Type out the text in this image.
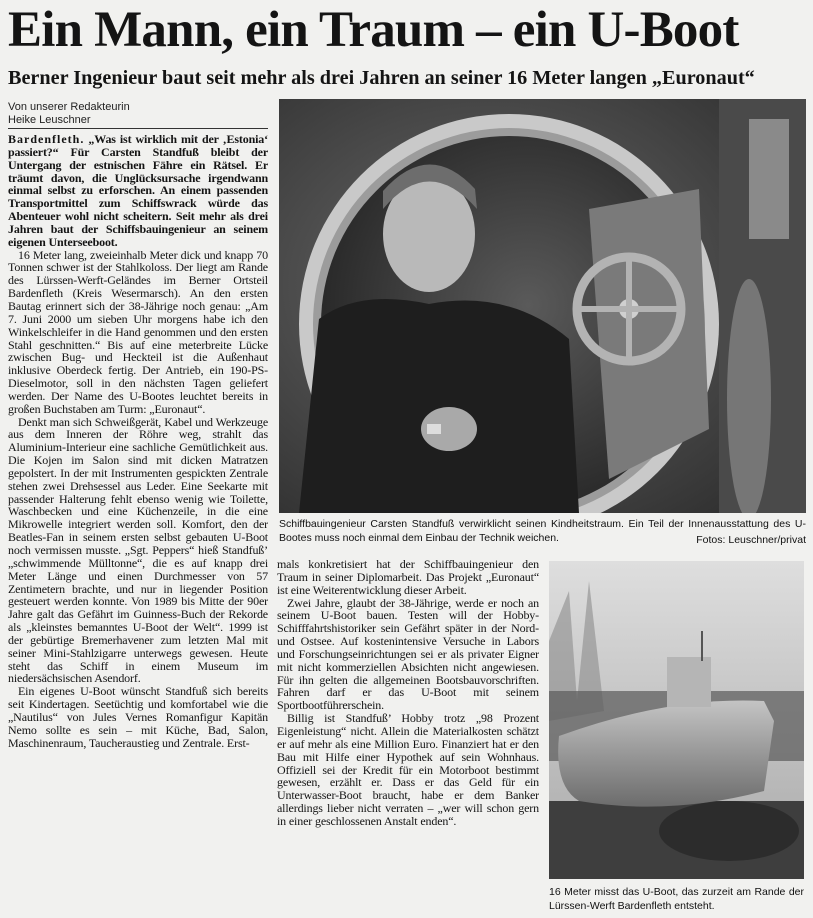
Ein Mann, ein Traum – ein U-Boot
Berner Ingenieur baut seit mehr als drei Jahren an seiner 16 Meter langen „Euronaut“
Von unserer Redakteurin
Heike Leuschner

Bardenfleth. „Was ist wirklich mit der ‚Estonia‘ passiert?“ Für Carsten Standfuß bleibt der Untergang der estnischen Fähre ein Rätsel. Er träumt davon, die Unglücksursache irgendwann einmal selbst zu erforschen. An einem passenden Transportmittel zum Schiffswrack würde das Abenteuer wohl nicht scheitern. Seit mehr als drei Jahren baut der Schiffsbauingenieur an seinem eigenen Unterseeboot.

16 Meter lang, zweieinhalb Meter dick und knapp 70 Tonnen schwer ist der Stahlkoloss. Der liegt am Rande des Lürssen-Werft-Geländes im Berner Ortsteil Bardenfleth (Kreis Wesermarsch). An den ersten Bautag erinnert sich der 38-Jährige noch genau: „Am 7. Juni 2000 um sieben Uhr morgens habe ich den Winkelschleifer in die Hand genommen und den ersten Stahl geschnitten.“ Bis auf eine meterbreite Lücke zwischen Bug- und Heckteil ist die Außenhaut inklusive Oberdeck fertig. Der Antrieb, ein 190-PS-Dieselmotor, soll in den nächsten Tagen geliefert werden. Der Name des U-Bootes leuchtet bereits in großen Buchstaben am Turm: „Euronaut“.

Denkt man sich Schweißgerät, Kabel und Werkzeuge aus dem Inneren der Röhre weg, strahlt das Aluminium-Interieur eine sachliche Gemütlichkeit aus. Die Kojen im Salon sind mit dicken Matratzen gepolstert. In der mit Instrumenten gespickten Zentrale stehen zwei Drehsessel aus Leder. Eine Seekarte mit passender Halterung fehlt ebenso wenig wie Toilette, Waschbecken und eine Küchenzeile, in die eine Mikrowelle integriert werden soll. Komfort, den der Beatles-Fan in seinem ersten selbst gebauten U-Boot noch vermissen musste. „Sgt. Peppers“ hieß Standfuß’ „schwimmende Mülltonne“, die es auf knapp drei Meter Länge und einen Durchmesser von 57 Zentimetern brachte, und nur in liegender Position gesteuert werden konnte. Von 1989 bis Mitte der 90er Jahre galt das Gefährt im Guinness-Buch der Rekorde als „kleinstes bemanntes U-Boot der Welt“. 1999 ist der gebürtige Bremerhavener zum letzten Mal mit seiner Mini-Stahlzigarre unterwegs gewesen. Heute steht das Schiff in einem Museum im niedersächsischen Asendorf.

Ein eigenes U-Boot wünscht Standfuß sich bereits seit Kindertagen. Seetüchtig und komfortabel wie die „Nautilus“ von Jules Vernes Romanfigur Kapitän Nemo sollte es sein – mit Küche, Bad, Salon, Maschinenraum, Taucheraustieg und Zentrale. Erst-

Schiffbauingenieur Carsten Standfuß verwirklicht seinen Kindheitstraum. Ein Teil der Innenausstattung des U-Bootes muss noch einmal dem Einbau der Technik weichen.	Fotos: Leuschner/privat

mals konkretisiert hat der Schiffbauingenieur den Traum in seiner Diplomarbeit. Das Projekt „Euronaut“ ist eine Weiterentwicklung dieser Arbeit.

Zwei Jahre, glaubt der 38-Jährige, werde er noch an seinem U-Boot bauen. Testen will der Hobby-Schifffahrtshistoriker sein Gefährt später in der Nord- und Ostsee. Auf kostenintensive Versuche in Labors und Forschungseinrichtungen sei er als privater Eigner mit nicht kommerziellen Absichten nicht angewiesen. Für ihn gelten die allgemeinen Bootsbauvorschriften. Fahren darf er das U-Boot mit seinem Sportbootführerschein.

Billig ist Standfuß’ Hobby trotz „98 Prozent Eigenleistung“ nicht. Allein die Materialkosten schätzt er auf mehr als eine Million Euro. Finanziert hat er den Bau mit Hilfe einer Hypothek auf sein Wohnhaus. Offiziell sei der Kredit für ein Motorboot bestimmt gewesen, erzählt er. Dass er das Geld für ein Unterwasser-Boot braucht, habe er dem Banker allerdings lieber nicht verraten – „wer will schon gern in einer geschlossenen Anstalt enden“.

16 Meter misst das U-Boot, das zurzeit am Rande der Lürssen-Werft Bardenfleth entsteht.
